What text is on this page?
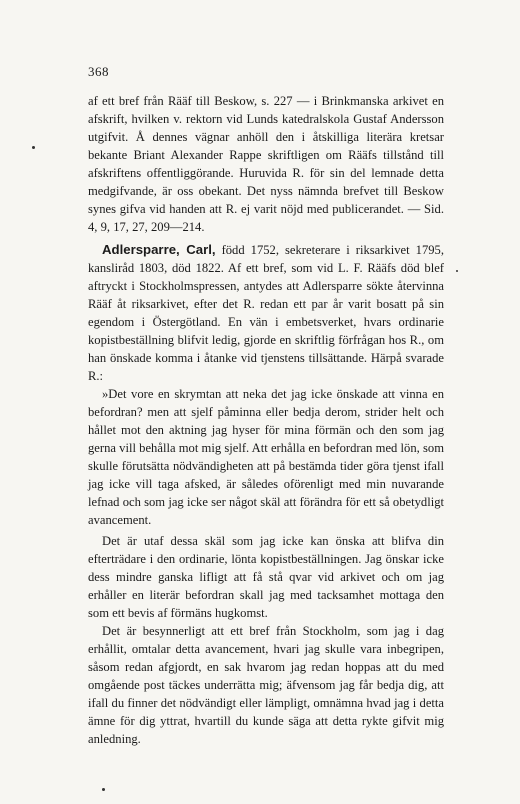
368

af ett bref från Rääf till Beskow, s. 227 — i Brinkmanska arkivet en afskrift, hvilken v. rektorn vid Lunds katedralskola Gustaf Andersson utgifvit. Å dennes vägnar anhöll den i åtskilliga literära kretsar bekante Briant Alexander Rappe skriftligen om Rääfs tillstånd till afskriftens offentliggörande. Huruvida R. för sin del lemnade detta medgifvande, är oss obekant. Det nyss nämnda brefvet till Beskow synes gifva vid handen att R. ej varit nöjd med publicerandet. — Sid. 4, 9, 17, 27, 209—214.

Adlersparre, Carl, född 1752, sekreterare i riksarkivet 1795, kanslіråd 1803, död 1822. Af ett bref, som vid L. F. Rääfs död blef aftryckt i Stockholmspressen, antydes att Adlersparre sökte återvinna Rääf åt riksarkivet, efter det R. redan ett par år varit bosatt på sin egendom i Östergötland. En vän i embetsverket, hvars ordinarie kopistbeställning blifvit ledig, gjorde en skriftlig förfrågan hos R., om han önskade komma i åtanke vid tjenstens tillsättande. Härpå svarade R.:

»Det vore en skrymtan att neka det jag icke önskade att vinna en befordran? men att sjelf påminna eller bedja derom, strider helt och hållet mot den aktning jag hyser för mina förmän och den som jag gerna vill behålla mot mig sjelf. Att erhålla en befordran med lön, som skulle förutsätta nödvändigheten att på bestämda tider göra tjenst ifall jag icke vill taga afsked, är således oförenligt med min nuvarande lefnad och som jag icke ser något skäl att förändra för ett så obetydligt avancement.

Det är utaf dessa skäl som jag icke kan önska att blifva din efterträdare i den ordinarie, lönta kopistbeställningen. Jag önskar icke dess mindre ganska lifligt att få stå qvar vid arkivet och om jag erhåller en literär befordran skall jag med tacksamhet mottaga den som ett bevis af förmäns hugkomst.

Det är besynnerligt att ett bref från Stockholm, som jag i dag erhållit, omtalar detta avancement, hvari jag skulle vara inbegripen, såsom redan afgjordt, en sak hvarom jag redan hoppas att du med omgående post täckes underrätta mig; äfvensom jag får bedja dig, att ifall du finner det nödvändigt eller lämpligt, omnämna hvad jag i detta ämne för dig yttrat, hvartill du kunde säga att detta rykte gifvit mig anledning.
